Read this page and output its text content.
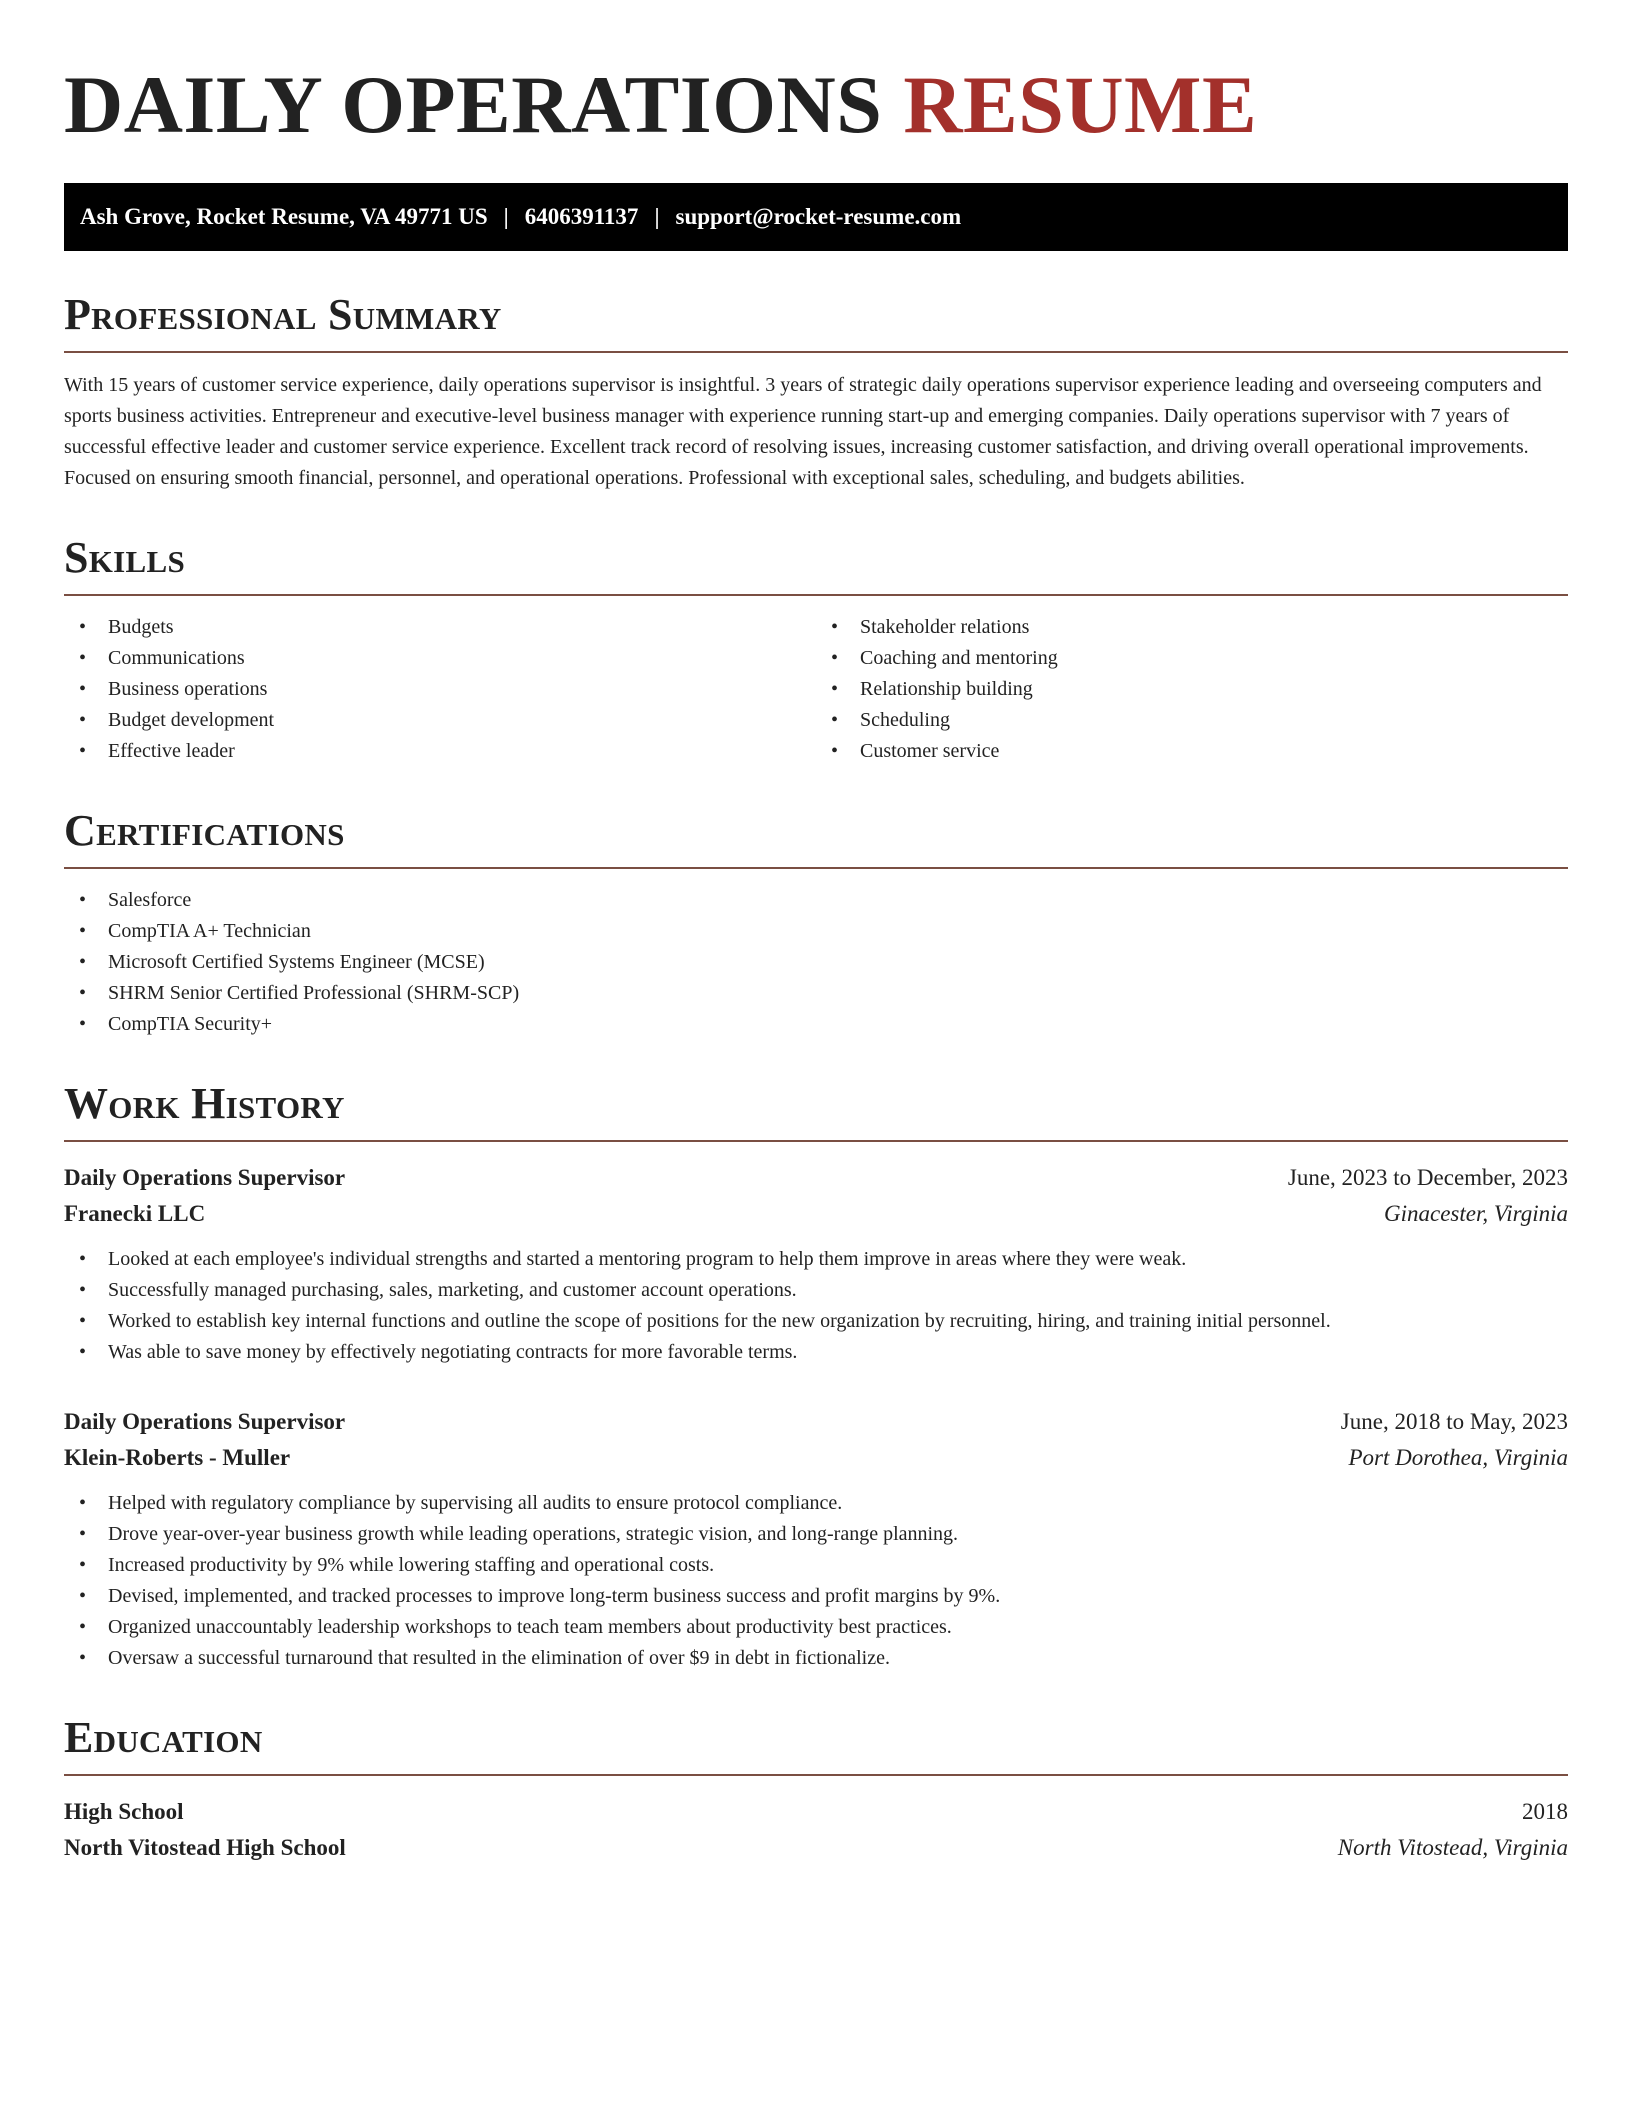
DAILY OPERATIONS RESUME
Ash Grove, Rocket Resume, VA 49771 US | 6406391137 | support@rocket-resume.com
Professional Summary

With 15 years of customer service experience, daily operations supervisor is insightful. 3 years of strategic daily operations supervisor experience leading and overseeing computers and sports business activities. Entrepreneur and executive-level business manager with experience running start-up and emerging companies. Daily operations supervisor with 7 years of successful effective leader and customer service experience. Excellent track record of resolving issues, increasing customer satisfaction, and driving overall operational improvements. Focused on ensuring smooth financial, personnel, and operational operations. Professional with exceptional sales, scheduling, and budgets abilities.

Skills
• Budgets
• Communications
• Business operations
• Budget development
• Effective leader
• Stakeholder relations
• Coaching and mentoring
• Relationship building
• Scheduling
• Customer service
Certifications
• Salesforce
• CompTIA A+ Technician
• Microsoft Certified Systems Engineer (MCSE)
• SHRM Senior Certified Professional (SHRM-SCP)
• CompTIA Security+
Work History
Daily Operations Supervisor	June, 2023 to December, 2023
Franecki LLC	Ginacester, Virginia
• Looked at each employee's individual strengths and started a mentoring program to help them improve in areas where they were weak.
• Successfully managed purchasing, sales, marketing, and customer account operations.
• Worked to establish key internal functions and outline the scope of positions for the new organization by recruiting, hiring, and training initial personnel.
• Was able to save money by effectively negotiating contracts for more favorable terms.
Daily Operations Supervisor	June, 2018 to May, 2023
Klein-Roberts - Muller	Port Dorothea, Virginia
• Helped with regulatory compliance by supervising all audits to ensure protocol compliance.
• Drove year-over-year business growth while leading operations, strategic vision, and long-range planning.
• Increased productivity by 9% while lowering staffing and operational costs.
• Devised, implemented, and tracked processes to improve long-term business success and profit margins by 9%.
• Organized unaccountably leadership workshops to teach team members about productivity best practices.
• Oversaw a successful turnaround that resulted in the elimination of over $9 in debt in fictionalize.
Education
High School	2018
North Vitostead High School	North Vitostead, Virginia
